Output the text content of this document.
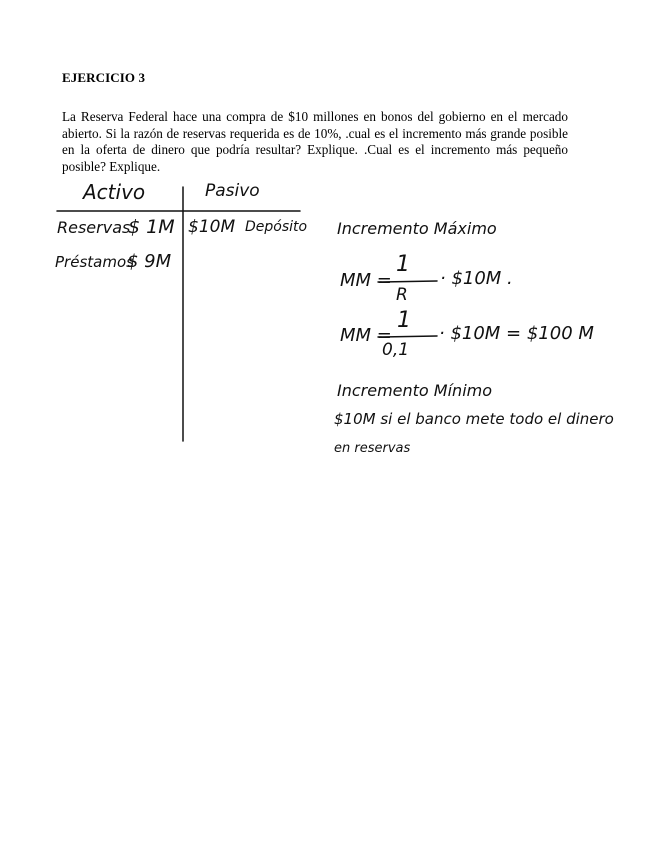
EJERCICIO 3

La Reserva Federal hace una compra de $10 millones en bonos del gobierno en el mercado abierto. Si la razón de reservas requerida es de 10%, .cual es el incremento más grande posible en la oferta de dinero que podría resultar? Explique. .Cual es el incremento más pequeño posible? Explique.

Activo	Pasivo
Reservas
$ 1M
Préstamos
$ 9M
$10M Depósito Incremento Máximo
MM =
1
R
· $10M .
MM =
1
0,1
· $10M = $100 M
Incremento Mínimo
$10M si el banco mete todo el dinero
en reservas
